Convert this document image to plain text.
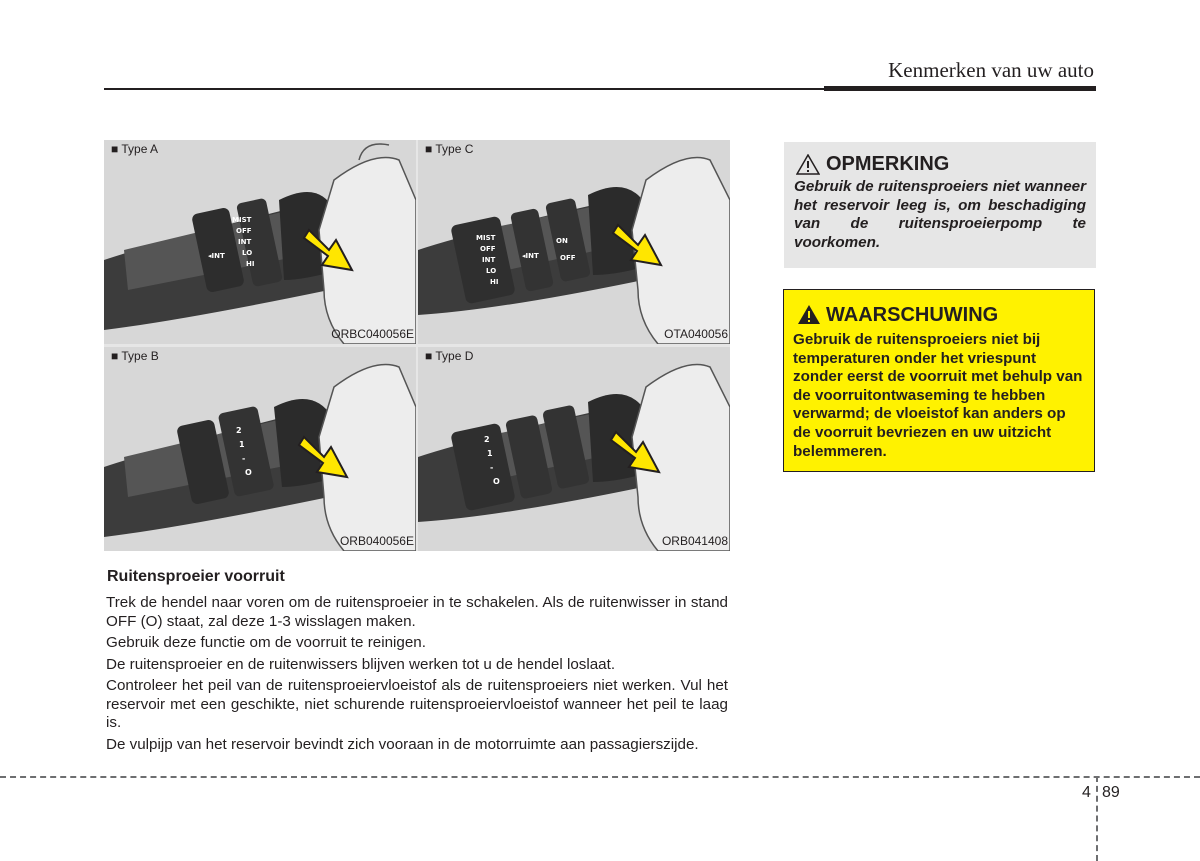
Kenmerken van uw auto
MIST
OFF
INT
LO
HI
◂INT
■ Type A
ORBC040056E
MIST
OFF
INT
LO
HI
ON
OFF
◂INT
■ Type C
OTA040056
2
1
-
O
■ Type B
ORB040056E
2
1
-
O
■ Type D
ORB041408
Ruitensproeier voorruit

Trek de hendel naar voren om de ruitensproeier in te schakelen. Als de ruitenwisser in stand OFF (O) staat, zal deze 1-3 wisslagen maken.

Gebruik deze functie om de voorruit te reinigen.

De ruitensproeier en de ruitenwissers blijven werken tot u de hendel loslaat.

Controleer het peil van de ruitensproeiervloeistof als de ruitensproeiers niet werken. Vul het reservoir met een geschikte, niet schurende ruitensproeiervloeistof wanneer het peil te laag is.

De vulpijp van het reservoir bevindt zich vooraan in de motorruimte aan passagierszijde.

OPMERKING
Gebruik de ruitensproeiers niet wanneer het reservoir leeg is, om beschadiging van de ruitensproeierpomp te voorkomen.
WAARSCHUWING
Gebruik de ruitensproeiers niet bij temperaturen onder het vriespunt zonder eerst de voorruit met behulp van de voorruitontwaseming te hebben verwarmd; de vloeistof kan anders op de voorruit bevriezen en uw uitzicht belemmeren.
4 89
